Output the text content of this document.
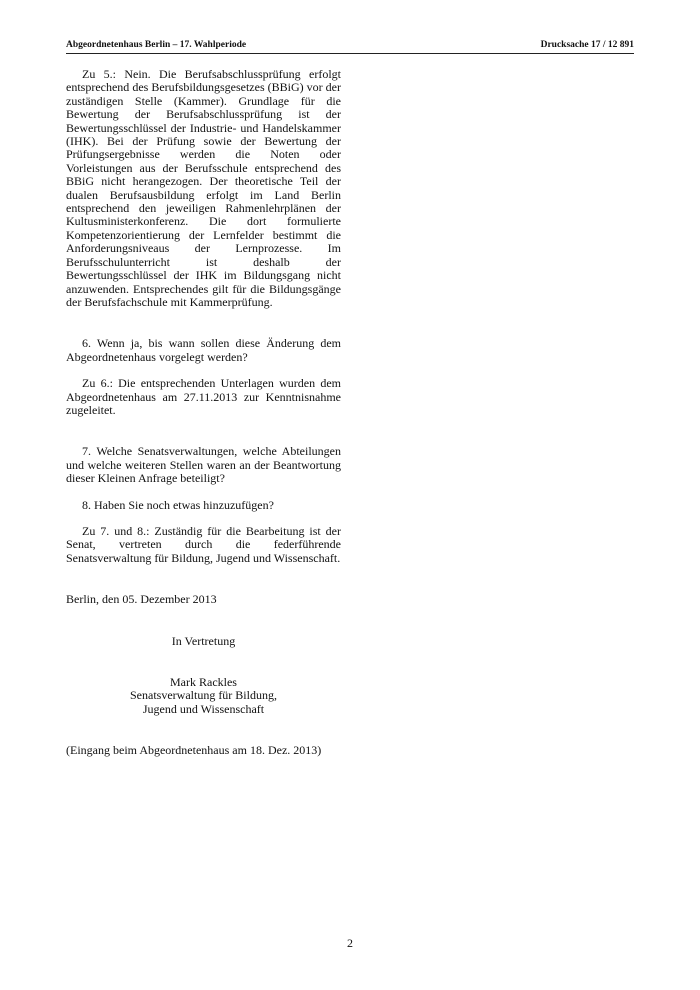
Abgeordnetenhaus Berlin – 17. Wahlperiode	Drucksache 17 / 12 891

Zu 5.: Nein. Die Berufsabschlussprüfung erfolgt entsprechend des Berufsbildungsgesetzes (BBiG) vor der zuständigen Stelle (Kammer). Grundlage für die Bewertung der Berufsabschlussprüfung ist der Bewertungsschlüssel der Industrie- und Handelskammer (IHK). Bei der Prüfung sowie der Bewertung der Prüfungsergebnisse werden die Noten oder Vorleistungen aus der Berufsschule entsprechend des BBiG nicht herangezogen. Der theoretische Teil der dualen Berufsausbildung erfolgt im Land Berlin entsprechend den jeweiligen Rahmenlehrplänen der Kultusministerkonferenz. Die dort formulierte Kompetenzorientierung der Lernfelder bestimmt die Anforderungsniveaus der Lernprozesse. Im Berufsschulunterricht ist deshalb der Bewertungsschlüssel der IHK im Bildungsgang nicht anzuwenden. Entsprechendes gilt für die Bildungsgänge der Berufsfachschule mit Kammerprüfung.

6. Wenn ja, bis wann sollen diese Änderung dem Abgeordnetenhaus vorgelegt werden?

Zu 6.: Die entsprechenden Unterlagen wurden dem Abgeordnetenhaus am 27.11.2013 zur Kenntnisnahme zugeleitet.

7. Welche Senatsverwaltungen, welche Abteilungen und welche weiteren Stellen waren an der Beantwortung dieser Kleinen Anfrage beteiligt?

8. Haben Sie noch etwas hinzuzufügen?

Zu 7. und 8.: Zuständig für die Bearbeitung ist der Senat, vertreten durch die federführende Senatsverwaltung für Bildung, Jugend und Wissenschaft.

Berlin, den 05. Dezember 2013

In Vertretung
Mark Rackles
Senatsverwaltung für Bildung,
Jugend und Wissenschaft

(Eingang beim Abgeordnetenhaus am 18. Dez. 2013)

2
